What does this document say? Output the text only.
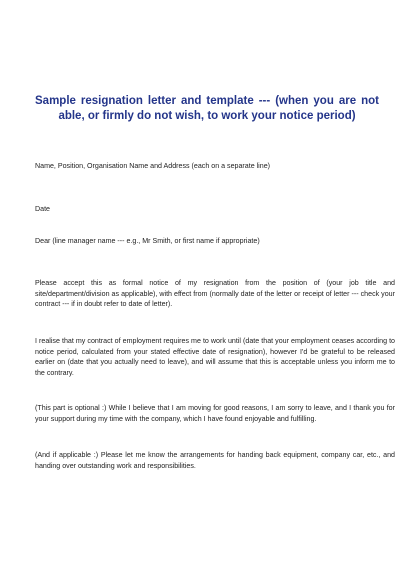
Sample resignation letter and template --- (when you are not able, or firmly do not wish, to work your notice period)
Name, Position, Organisation Name and Address (each on a separate line)
Date
Dear (line manager name --- e.g., Mr Smith, or first name if appropriate)
Please accept this as formal notice of my resignation from the position of (your job title and site/department/division as applicable), with effect from (normally date of the letter or receipt of letter --- check your contract --- if in doubt refer to date of letter).
I realise that my contract of employment requires me to work until (date that your employment ceases according to notice period, calculated from your stated effective date of resignation), however I'd be grateful to be released earlier on (date that you actually need to leave), and will assume that this is acceptable unless you inform me to the contrary.
(This part is optional :) While I believe that I am moving for good reasons, I am sorry to leave, and I thank you for your support during my time with the company, which I have found enjoyable and fulfilling.
(And if applicable :) Please let me know the arrangements for handing back equipment, company car, etc., and handing over outstanding work and responsibilities.
